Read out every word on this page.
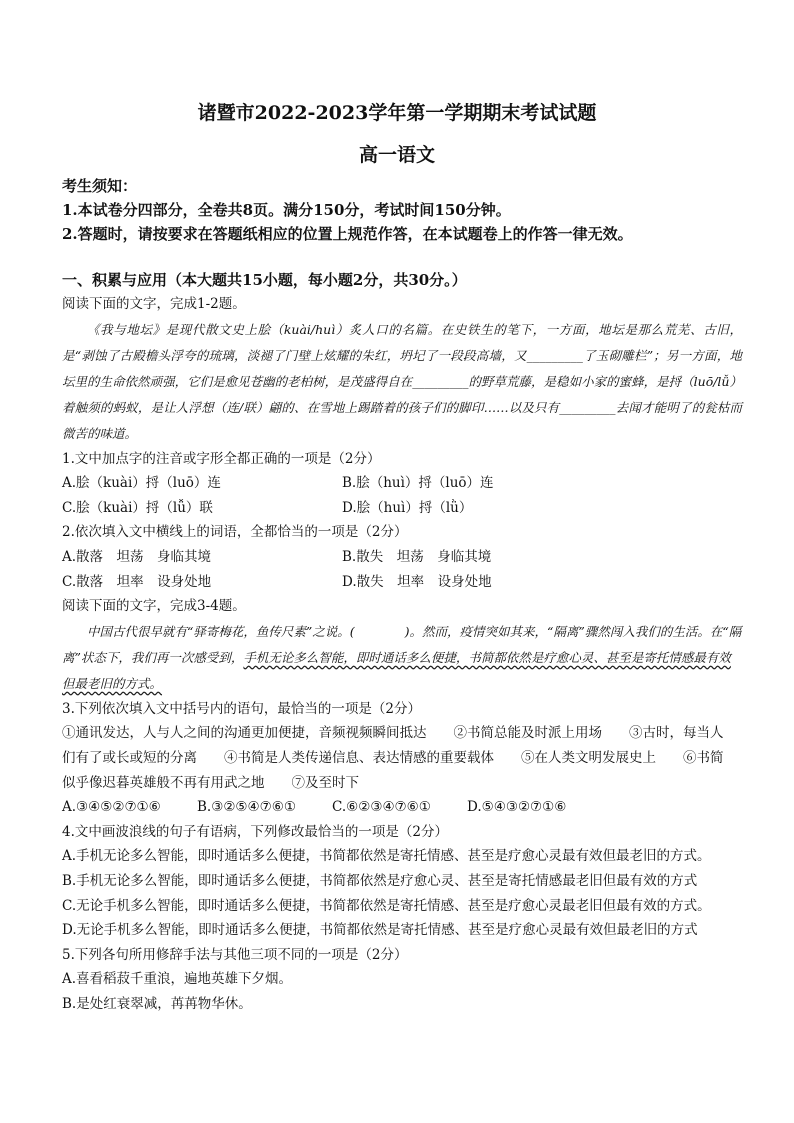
诸暨市2022-2023学年第一学期期末考试试题
高一语文
考生须知：
1.本试卷分四部分，全卷共8页。满分150分，考试时间150分钟。
2.答题时，请按要求在答题纸相应的位置上规范作答，在本试题卷上的作答一律无效。
一、积累与应用（本大题共15小题，每小题2分，共30分。）
阅读下面的文字，完成1-2题。
《我与地坛》是现代散文史上脍（kuài/huì）炙人口的名篇。在史铁生的笔下，一方面，地坛是那么荒芜、古旧，是“剥蚀了古殿檐头浮夸的琉璃，淡褪了门壁上炫耀的朱红，坍圮了一段段高墙，又_________了玉砌雕栏”；另一方面，地坛里的生命依然顽强，它们是愈见苍幽的老柏树，是茂盛得自在_________的野草荒藤，是稳如小家的蜜蜂，是捋（luō/lǚ）着触须的蚂蚁，是让人浮想（连/联）翩的、在雪地上踢踏着的孩子们的脚印……以及只有_________去闻才能明了的瓮枯而微苦的味道。
1.文中加点字的注音或字形全都正确的一项是（2分）
A.脍（kuài）捋（luō）连	B.脍（huì）捋（luō）连
C.脍（kuài）捋（lǚ）联	D.脍（huì）捋（lǜ）
2.依次填入文中横线上的词语，全都恰当的一项是（2分）
A.散落　坦荡　身临其境	B.散失　坦荡　身临其境
C.散落　坦率　设身处地	D.散失　坦率　设身处地
阅读下面的文字，完成3-4题。
中国古代很早就有“驿寄梅花，鱼传尺素”之说。(　　　　)。然而，疫情突如其来，“隔离”骤然闯入我们的生活。在“隔离”状态下，我们再一次感受到，手机无论多么智能，即时通话多么便捷，书简都依然是疗愈心灵、甚至是寄托情感最有效但最老旧的方式。
3.下列依次填入文中括号内的语句，最恰当的一项是（2分）
①通讯发达，人与人之间的沟通更加便捷，音频视频瞬间抵达　　②书简总能及时派上用场　　③古时，每当人
们有了或长或短的分离　　④书简是人类传递信息、表达情感的重要载体　　⑤在人类文明发展史上　　⑥书简
似乎像迟暮英雄般不再有用武之地　　⑦及至时下
A.③④⑤②⑦①⑥	B.③②⑤④⑦⑥①	C.⑥②③④⑦⑥①	D.⑤④③②⑦①⑥
4.文中画波浪线的句子有语病，下列修改最恰当的一项是（2分）
A.手机无论多么智能，即时通话多么便捷，书简都依然是寄托情感、甚至是疗愈心灵最有效但最老旧的方式。
B.手机无论多么智能，即时通话多么便捷，书简都依然是疗愈心灵、甚至是寄托情感最老旧但最有效的方式
C.无论手机多么智能，即时通话多么便捷，书简都依然是寄托情感、甚至是疗愈心灵最老旧但最有效的方式。
D.无论手机多么智能，即时通话多么便捷，书简都依然是寄托情感、甚至是疗愈心灵最有效但最老旧的方式
5.下列各句所用修辞手法与其他三项不同的一项是（2分）
A.喜看稻菽千重浪，遍地英雄下夕烟。
B.是处红衰翠减，苒苒物华休。
